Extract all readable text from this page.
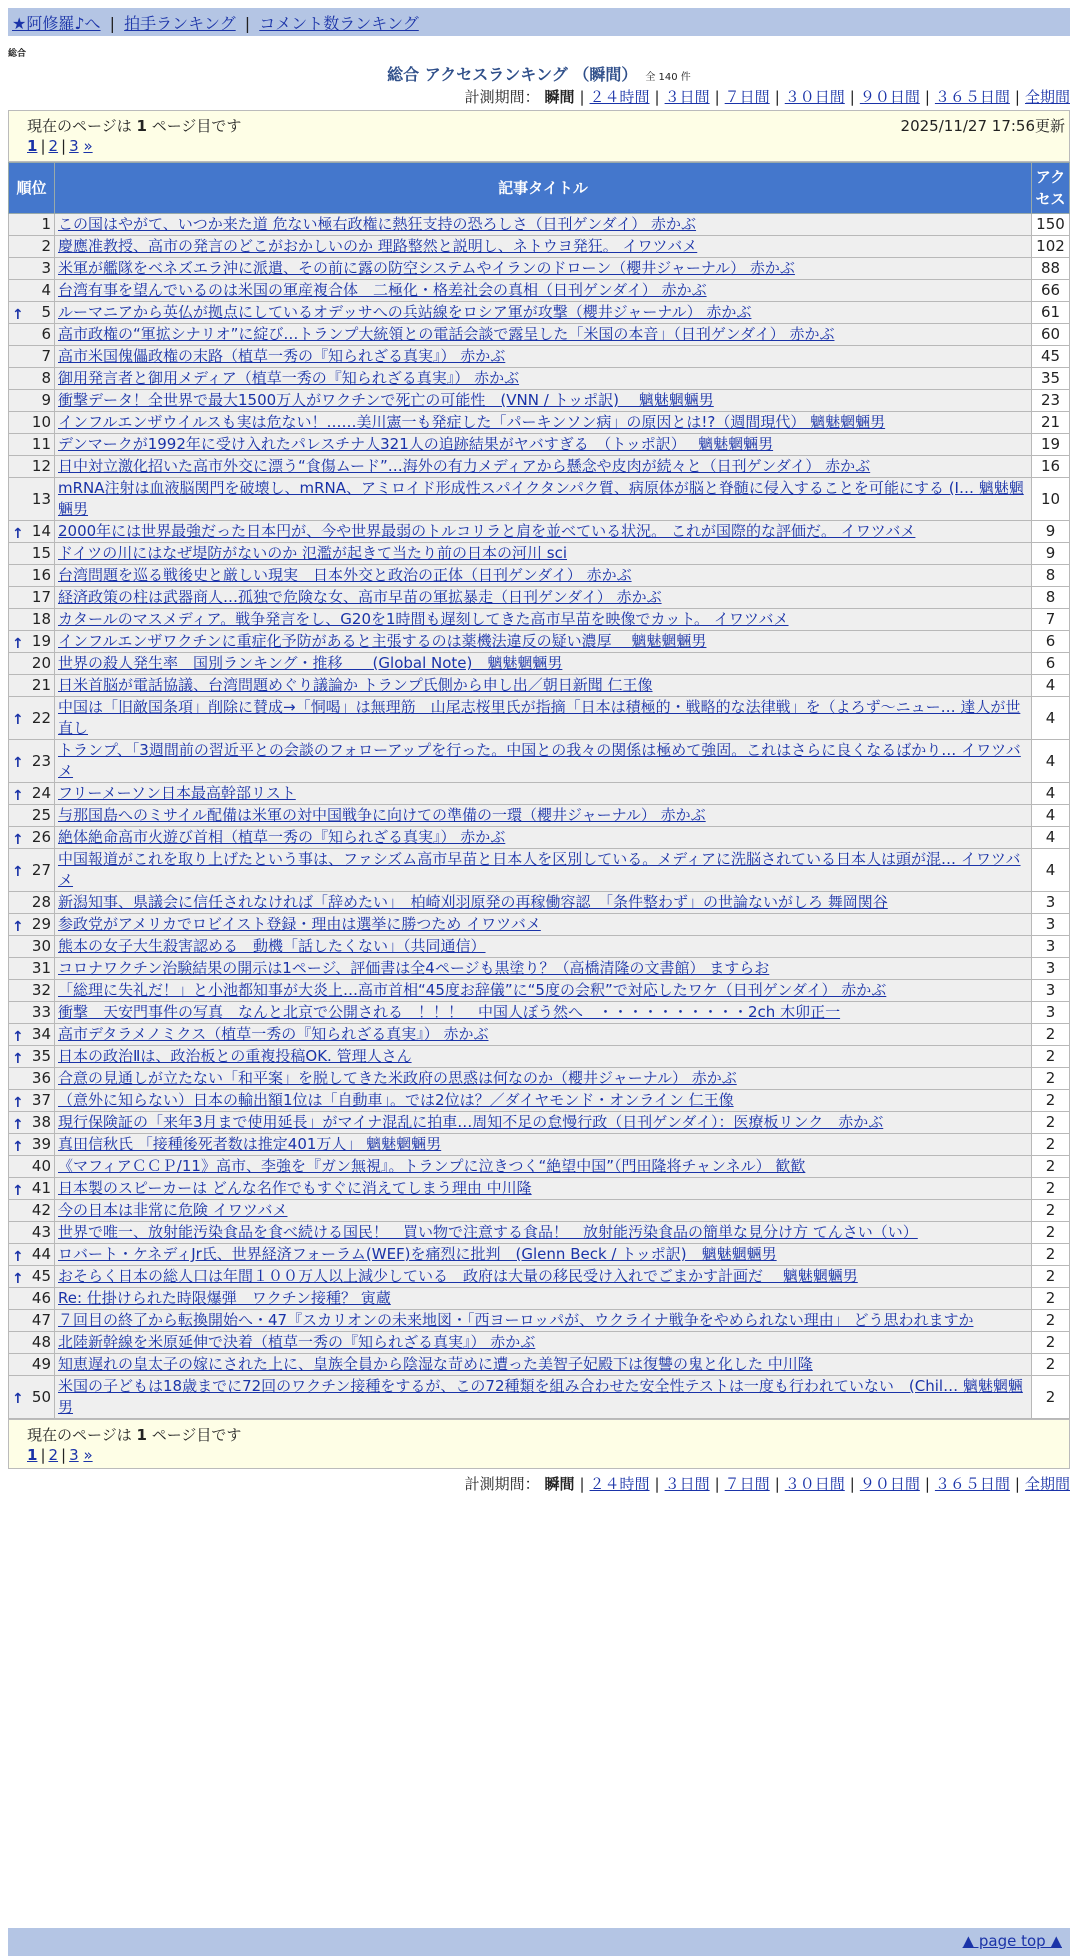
★阿修羅♪へ | 拍手ランキング | コメント数ランキング
総合
総合 アクセスランキング （瞬間） 全 140 件
計測期間： 瞬間 | ２４時間 | ３日間 | ７日間 | ３０日間 | ９０日間 | ３６５日間 | 全期間
現在のページは 1 ページ目です	2025/11/27 17:56更新
1 | 2 | 3 »
順位	記事タイトル	アクセス
1	この国はやがて、いつか来た道 危ない極右政権に熱狂支持の恐ろしさ（日刊ゲンダイ） 赤かぶ	150
2	慶應准教授、高市の発言のどこがおかしいのか 理路整然と説明し、ネトウヨ発狂。 イワツバメ	102
3	米軍が艦隊をベネズエラ沖に派遣、その前に露の防空システムやイランのドローン（櫻井ジャーナル） 赤かぶ	88
4	台湾有事を望んでいるのは米国の軍産複合体　二極化・格差社会の真相（日刊ゲンダイ） 赤かぶ	66

↑ 5	ルーマニアから英仏が拠点にしているオデッサへの兵站線をロシア軍が攻撃（櫻井ジャーナル） 赤かぶ	61
6	高市政権の“軍拡シナリオ”に綻び…トランプ大統領との電話会談で露呈した「米国の本音」（日刊ゲンダイ） 赤かぶ	60
7	高市米国傀儡政権の末路（植草一秀の『知られざる真実』） 赤かぶ	45
8	御用発言者と御用メディア（植草一秀の『知られざる真実』） 赤かぶ	35
9	衝撃データ！全世界で最大1500万人がワクチンで死亡の可能性　(VNN / トッポ訳)　 魑魅魍魎男	23
10	インフルエンザウイルスも実は危ない！……美川憲一も発症した「パーキンソン病」の原因とは!?（週間現代） 魑魅魍魎男	21
11	デンマークが1992年に受け入れたパレスチナ人321人の追跡結果がヤバすぎる　（トッポ訳）　 魑魅魍魎男	19
12	日中対立激化招いた高市外交に漂う“食傷ムード”…海外の有力メディアから懸念や皮肉が続々と（日刊ゲンダイ） 赤かぶ	16
13	mRNA注射は血液脳関門を破壊し、mRNA、アミロイド形成性スパイクタンパク質、病原体が脳と脊髄に侵入することを可能にする (I… 魑魅魍魎男	10

↑ 14	2000年には世界最強だった日本円が、今や世界最弱のトルコリラと肩を並べている状況。 これが国際的な評価だ。 イワツバメ	9
15	ドイツの川にはなぜ堤防がないのか 氾濫が起きて当たり前の日本の河川 sci	9
16	台湾問題を巡る戦後史と厳しい現実　日本外交と政治の正体（日刊ゲンダイ） 赤かぶ	8
17	経済政策の柱は武器商人…孤独で危険な女、高市早苗の軍拡暴走（日刊ゲンダイ） 赤かぶ	8
18	カタールのマスメディア。戦争発言をし、G20を1時間も遅刻してきた高市早苗を映像でカット。 イワツバメ	7

↑ 19	インフルエンザワクチンに重症化予防があると主張するのは薬機法違反の疑い濃厚　 魑魅魍魎男	6
20	世界の殺人発生率　国別ランキング・推移　　(Global Note)　魑魅魍魎男	6
21	日米首脳が電話協議、台湾問題めぐり議論か トランプ氏側から申し出／朝日新聞 仁王像	4

↑ 22	中国は「旧敵国条項」削除に賛成→「恫喝」は無理筋　山尾志桜里氏が指摘「日本は積極的・戦略的な法律戦」を（よろず〜ニュー… 達人が世直し	4

↑ 23	トランプ、「3週間前の習近平との会談のフォローアップを行った。中国との我々の関係は極めて強固。これはさらに良くなるばかり… イワツバメ	4

↑ 24	フリーメーソン日本最高幹部リスト	4
25	与那国島へのミサイル配備は米軍の対中国戦争に向けての準備の一環（櫻井ジャーナル） 赤かぶ	4

↑ 26	絶体絶命高市火遊び首相（植草一秀の『知られざる真実』） 赤かぶ	4

↑ 27	中国報道がこれを取り上げたという事は、ファシズム高市早苗と日本人を区別している。メディアに洗脳されている日本人は頭が混… イワツバメ	4
28	新潟知事、県議会に信任されなければ「辞めたい」　柏崎刈羽原発の再稼働容認　「条件整わず」の世論ないがしろ 舞岡関谷	3

↑ 29	参政党がアメリカでロビイスト登録・理由は選挙に勝つため イワツバメ	3
30	熊本の女子大生殺害認める　動機「話したくない」（共同通信）	3
31	コロナワクチン治験結果の開示は1ページ、評価書は全4ページも黒塗り？（高橋清隆の文書館） ますらお	3
32	「総理に失礼だ！」と小池都知事が大炎上…高市首相“45度お辞儀”に“5度の会釈”で対応したワケ（日刊ゲンダイ） 赤かぶ	3
33	衝撃　天安門事件の写真　なんと北京で公開される　！！！　中国人ぼう然へ　・・・・・・・・・・2ch 木卯正一	3

↑ 34	高市デタラメノミクス（植草一秀の『知られざる真実』） 赤かぶ	2

↑ 35	日本の政治Ⅱは、政治板との重複投稿OK. 管理人さん	2
36	合意の見通しが立たない「和平案」を脱してきた米政府の思惑は何なのか（櫻井ジャーナル） 赤かぶ	2

↑ 37	（意外に知らない）日本の輸出額1位は「自動車」。では2位は？／ダイヤモンド・オンライン 仁王像	2

↑ 38	現行保険証の「来年3月まで使用延長」がマイナ混乱に拍車…周知不足の怠慢行政（日刊ゲンダイ）：医療板リンク　赤かぶ	2

↑ 39	真田信秋氏 「接種後死者数は推定401万人」 魑魅魍魎男	2
40	《マフィアＣＣＰ/11》高市、李強を『ガン無視』。トランプに泣きつく“絶望中国”（門田隆将チャンネル） 歓歓	2

↑ 41	日本製のスピーカーは どんな名作でもすぐに消えてしまう理由 中川隆	2
42	今の日本は非常に危険 イワツバメ	2
43	世界で唯一、放射能汚染食品を食べ続ける国民！　買い物で注意する食品！　放射能汚染食品の簡単な見分け方 てんさい（い）	2

↑ 44	ロバート・ケネディJr氏、世界経済フォーラム(WEF)を痛烈に批判　(Glenn Beck / トッポ訳)　魑魅魍魎男	2

↑ 45	おそらく日本の総人口は年間１００万人以上減少している　政府は大量の移民受け入れでごまかす計画だ　 魑魅魍魎男	2
46	Re: 仕掛けられた時限爆弾　ワクチン接種？ 寅蔵	2
47	７回目の終了から転換開始へ・47『スカリオンの未来地図・「西ヨーロッパが、ウクライナ戦争をやめられない理由」 どう思われますか	2
48	北陸新幹線を米原延伸で決着（植草一秀の『知られざる真実』） 赤かぶ	2
49	知恵遅れの皇太子の嫁にされた上に、皇族全員から陰湿な苛めに遭った美智子妃殿下は復讐の鬼と化した 中川隆	2

↑ 50	米国の子どもは18歳までに72回のワクチン接種をするが、この72種類を組み合わせた安全性テストは一度も行われていない　(Chil… 魑魅魍魎男	2
現在のページは 1 ページ目です
1 | 2 | 3 »
計測期間： 瞬間 | ２４時間 | ３日間 | ７日間 | ３０日間 | ９０日間 | ３６５日間 | 全期間
▲ page top ▲
